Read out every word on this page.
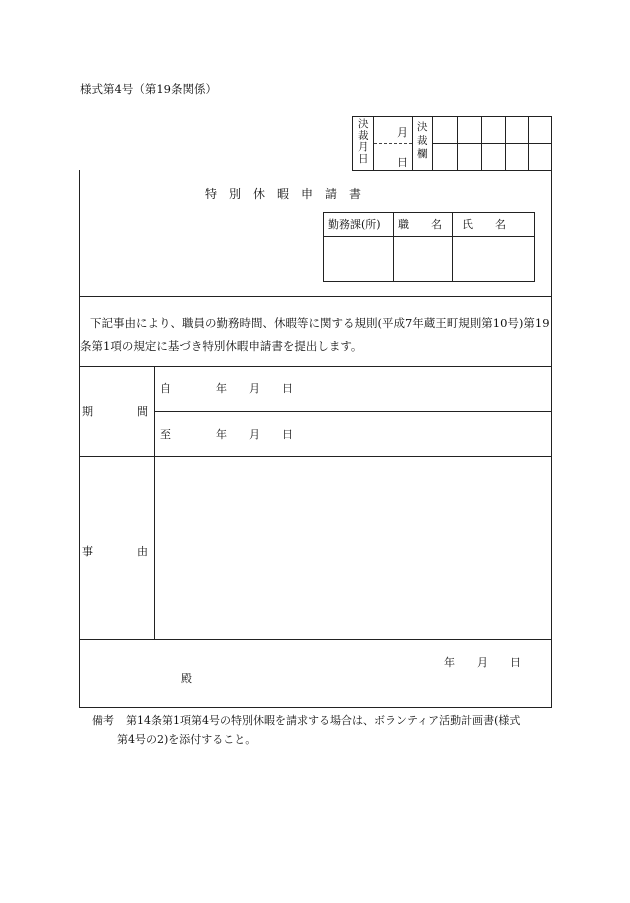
様式第4号（第19条関係）
決
裁
月
日
月
日
決
裁
欄
特　別　休　暇　申　請　書
勤務課(所) 職　　名 氏　　名
下記事由により、職員の勤務時間、休暇等に関する規則(平成7年蔵王町規則第10号)第19
条第1項の規定に基づき特別休暇申請書を提出します。
期　　　　間
自	年　　月　　日
至	年　　月　　日
事　　　　由
年　　月　　日
殿
備考 第14条第1項第4号の特別休暇を請求する場合は、ボランティア活動計画書(様式
第4号の2)を添付すること。
